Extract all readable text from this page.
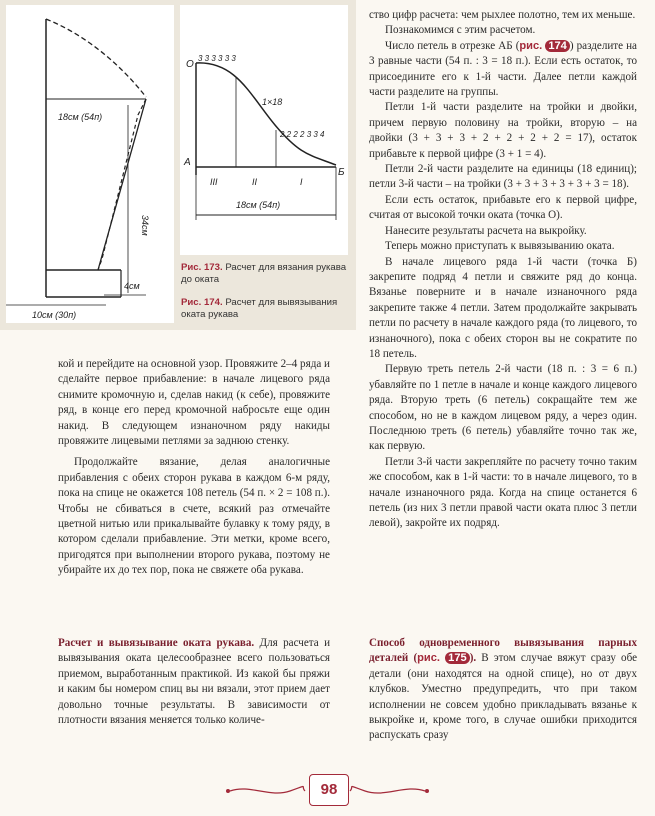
18см (54п)
34см
4см
10см (30п)
О
3 3 3 3 3 3
1×18
2 2 2 2 3 3 4
А
Б
III	II	I
18см (54п)
Рис. 173. Расчет для вязания рукава до оката
Рис. 174. Расчет для вывязывания оката рукава

ство цифр расчета: чем рыхлее полотно, тем их меньше.

Познакомимся с этим расчетом.

Число петель в отрезке АБ (рис. 174 ) разделите на 3 равные части (54 п. : 3 = 18 п.). Если есть остаток, то присоедините его к 1-й части. Далее петли каждой части разделите на группы.

Петли 1-й части разделите на тройки и двойки, причем первую половину на тройки, вторую – на двойки (3 + 3 + 3 + 2 + 2 + 2 + 2 = 17), остаток прибавьте к первой цифре (3 + 1 = 4).

Петли 2-й части разделите на единицы (18 единиц); петли 3-й части – на тройки (3 + 3 + 3 + 3 + 3 + 3 = 18).

Если есть остаток, прибавьте его к первой цифре, считая от высокой точки оката (точка О).

Нанесите результаты расчета на выкройку.

Теперь можно приступать к вывязыванию оката.

В начале лицевого ряда 1-й части (точка Б) закрепите подряд 4 петли и свяжите ряд до конца. Вязанье поверните и в начале изнаночного ряда закрепите также 4 петли. Затем продолжайте закрывать петли по расчету в начале каждого ряда (то лицевого, то изнаночного), пока с обеих сторон вы не сократите по 18 петель.

Первую треть петель 2-й части (18 п. : 3 = 6 п.) убавляйте по 1 петле в начале и конце каждого лицевого ряда. Вторую треть (6 петель) сокращайте тем же способом, но не в каждом лицевом ряду, а через один. Последнюю треть (6 петель) убавляйте точно так же, как первую.

Петли 3-й части закрепляйте по расчету точно таким же способом, как в 1-й части: то в начале лицевого, то в начале изнаночного ряда. Когда на спице останется 6 петель (из них 3 петли правой части оката плюс 3 петли левой), закройте их подряд.

Способ одновременного вывязывания парных деталей (рис. 175 ). В этом случае вяжут сразу обе детали (они находятся на одной спице), но от двух клубков. Уместно предупредить, что при таком исполнении не совсем удобно прикладывать вязанье к выкройке и, кроме того, в случае ошибки приходится распускать сразу

кой и перейдите на основной узор. Провяжите 2–4 ряда и сделайте первое прибавление: в начале лицевого ряда снимите кромочную и, сделав накид (к себе), провяжите ряд, в конце его перед кромочной набросьте еще один накид. В следующем изнаночном ряду накиды провяжите лицевыми петлями за заднюю стенку.

Продолжайте вязание, делая аналогичные прибавления с обеих сторон рукава в каждом 6-м ряду, пока на спице не окажется 108 петель (54 п. × 2 = 108 п.). Чтобы не сбиваться в счете, всякий раз отмечайте цветной нитью или прикалывайте булавку к тому ряду, в котором сделали прибавление. Эти метки, кроме всего, пригодятся при выполнении второго рукава, поэтому не убирайте их до тех пор, пока не свяжете оба рукава.

Расчет и вывязывание оката рукава. Для расчета и вывязывания оката целесообразнее всего пользоваться приемом, выработанным практикой. Из какой бы пряжи и каким бы номером спиц вы ни вязали, этот прием дает довольно точные результаты. В зависимости от плотности вязания меняется только количе-

98
